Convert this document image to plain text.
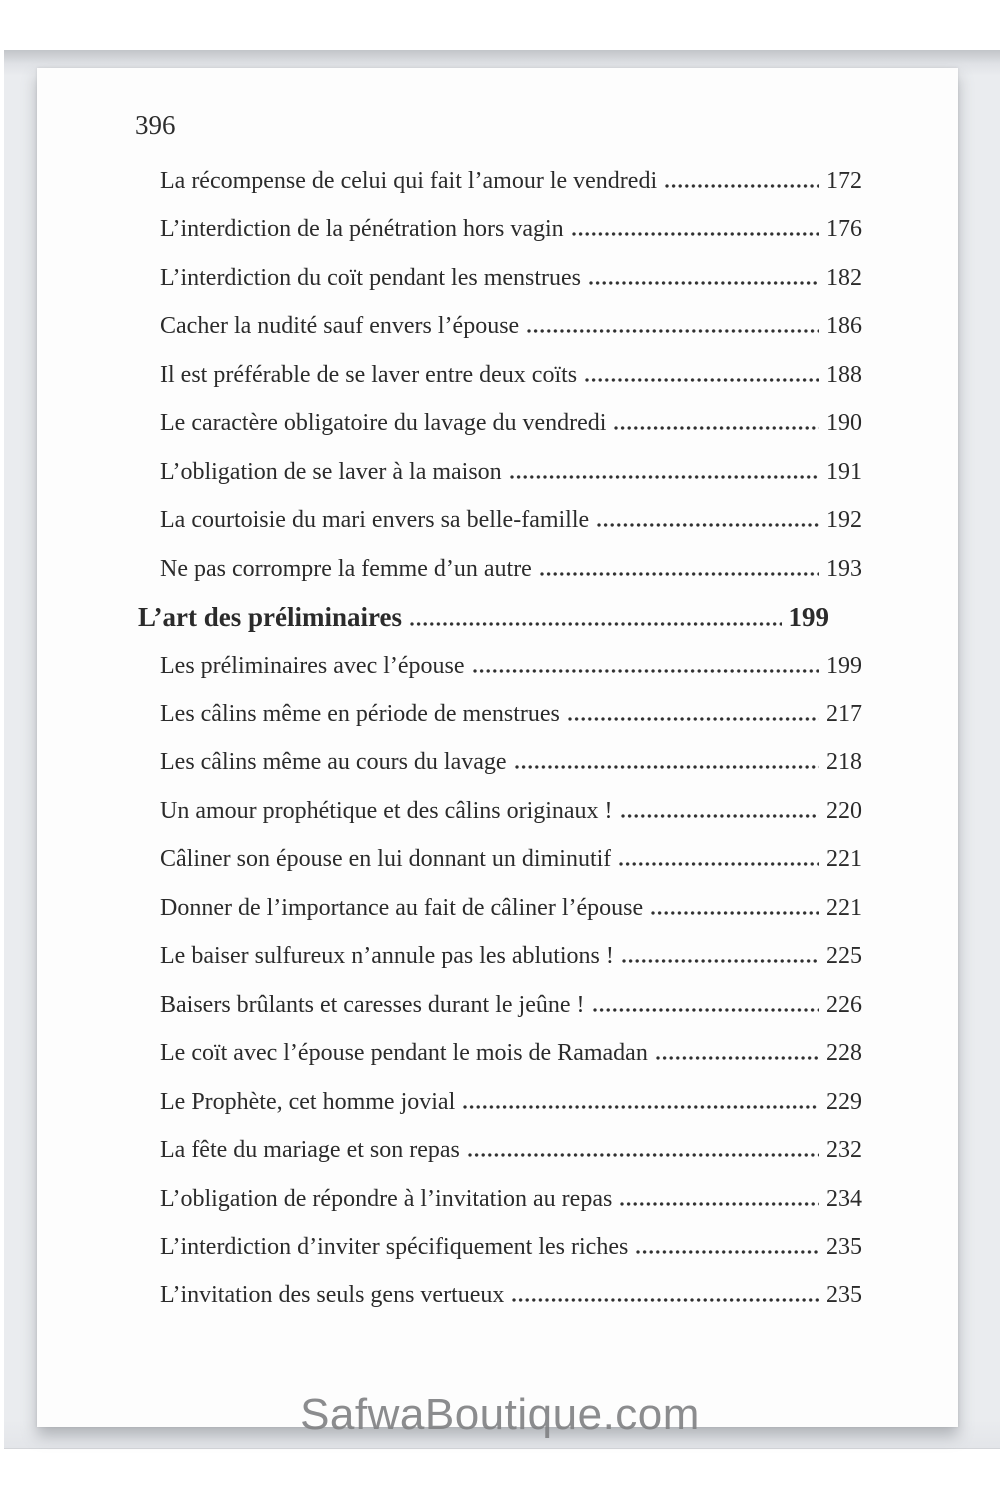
396
La récompense de celui qui fait l’amour le vendredi	172
L’interdiction de la pénétration hors vagin	176
L’interdiction du coït pendant les menstrues	182
Cacher la nudité sauf envers l’épouse	186
Il est préférable de se laver entre deux coïts	188
Le caractère obligatoire du lavage du vendredi	190
L’obligation de se laver à la maison	191
La courtoisie du mari envers sa belle-famille	192
Ne pas corrompre la femme d’un autre	193
L’art des préliminaires	199
Les préliminaires avec l’épouse	199
Les câlins même en période de menstrues	217
Les câlins même au cours du lavage	218
Un amour prophétique et des câlins originaux !	220
Câliner son épouse en lui donnant un diminutif	221
Donner de l’importance au fait de câliner l’épouse	221
Le baiser sulfureux n’annule pas les ablutions !	225
Baisers brûlants et caresses durant le jeûne !	226
Le coït avec l’épouse pendant le mois de Ramadan	228
Le Prophète, cet homme jovial	229
La fête du mariage et son repas	232
L’obligation de répondre à l’invitation au repas	234
L’interdiction d’inviter spécifiquement les riches	235
L’invitation des seuls gens vertueux	235
SafwaBoutique.com
